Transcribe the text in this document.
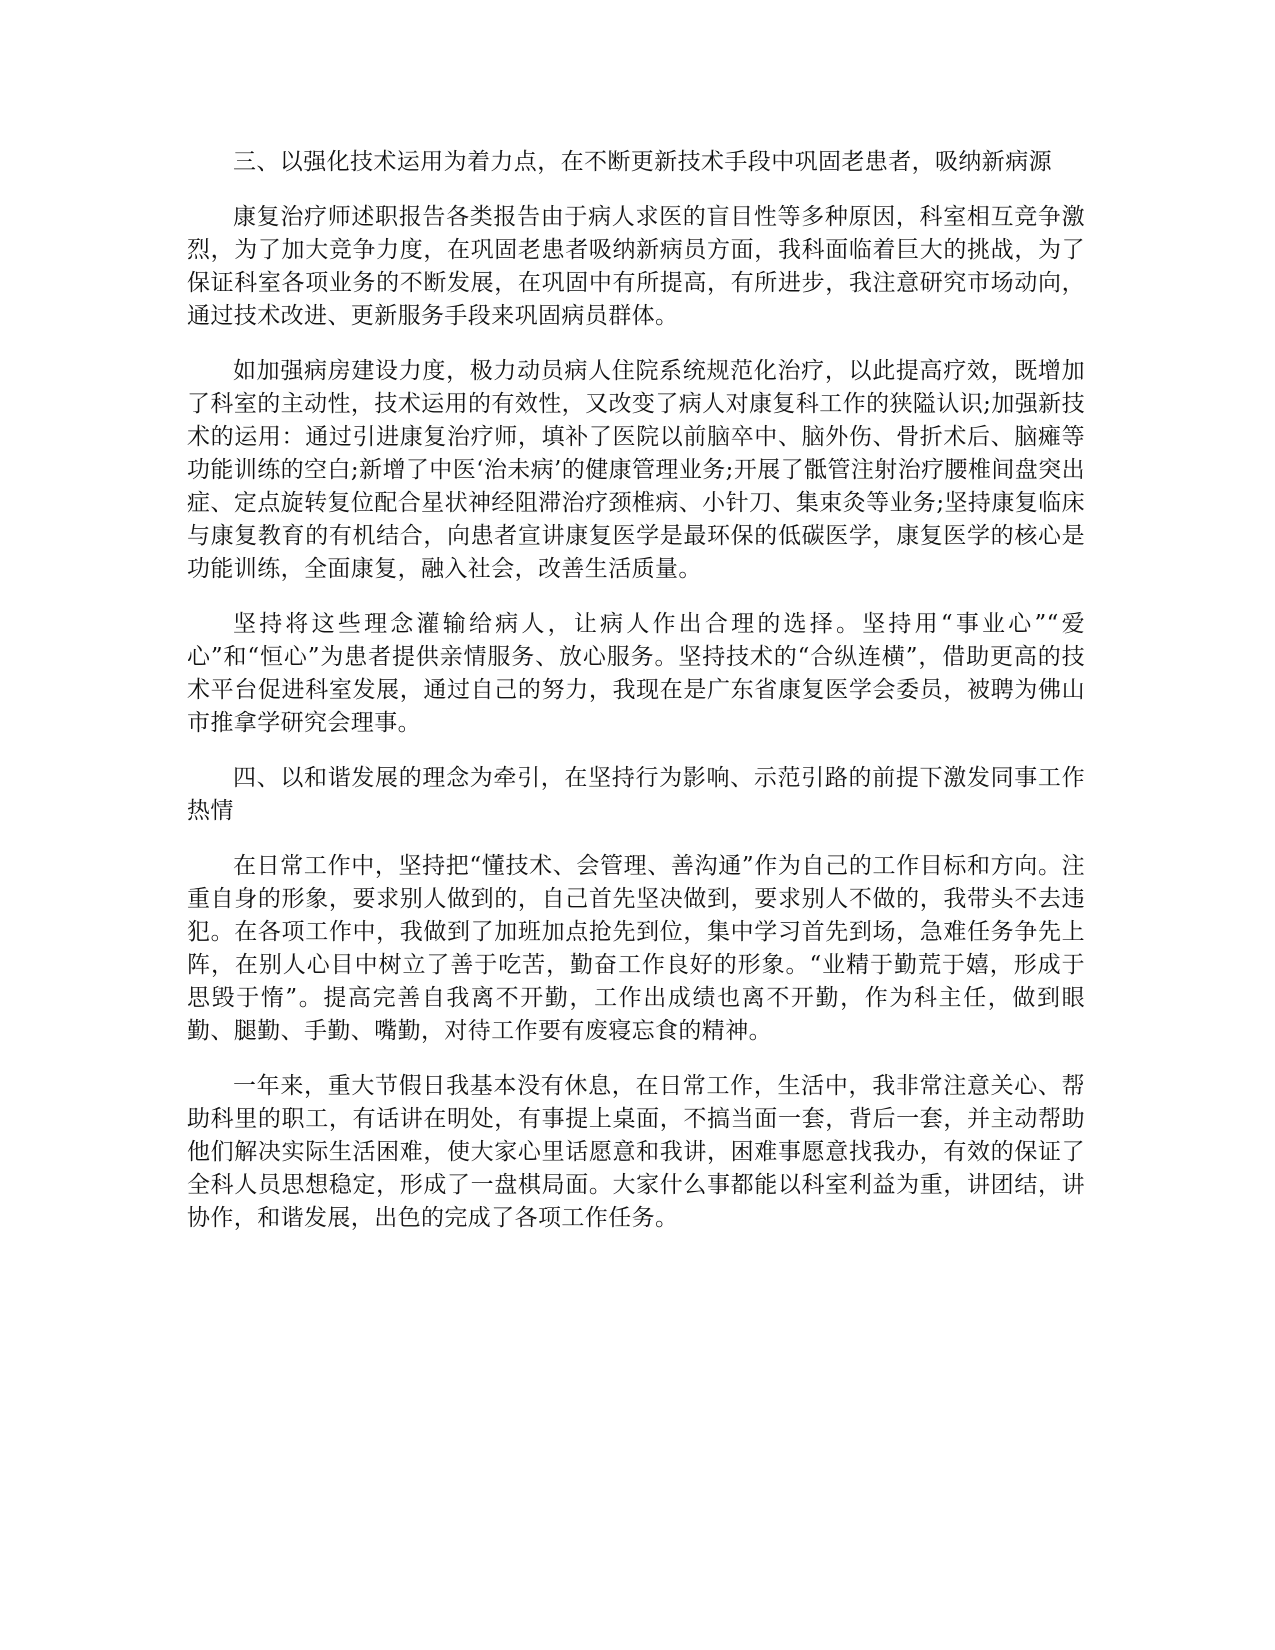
三、以强化技术运用为着力点，在不断更新技术手段中巩固老患者，吸纳新病源

康复治疗师述职报告各类报告由于病人求医的盲目性等多种原因，科室相互竞争激烈，为了加大竞争力度，在巩固老患者吸纳新病员方面，我科面临着巨大的挑战，为了保证科室各项业务的不断发展，在巩固中有所提高，有所进步，我注意研究市场动向，通过技术改进、更新服务手段来巩固病员群体。

如加强病房建设力度，极力动员病人住院系统规范化治疗，以此提高疗效，既增加了科室的主动性，技术运用的有效性，又改变了病人对康复科工作的狭隘认识;加强新技术的运用：通过引进康复治疗师，填补了医院以前脑卒中、脑外伤、骨折术后、脑瘫等功能训练的空白;新增了中医‘治未病’的健康管理业务;开展了骶管注射治疗腰椎间盘突出症、定点旋转复位配合星状神经阻滞治疗颈椎病、小针刀、集束灸等业务;坚持康复临床与康复教育的有机结合，向患者宣讲康复医学是最环保的低碳医学，康复医学的核心是功能训练，全面康复，融入社会，改善生活质量。

坚持将这些理念灌输给病人，让病人作出合理的选择。坚持用“事业心”“爱心”和“恒心”为患者提供亲情服务、放心服务。坚持技术的“合纵连横”，借助更高的技术平台促进科室发展，通过自己的努力，我现在是广东省康复医学会委员，被聘为佛山市推拿学研究会理事。

四、以和谐发展的理念为牵引，在坚持行为影响、示范引路的前提下激发同事工作热情

在日常工作中，坚持把“懂技术、会管理、善沟通”作为自己的工作目标和方向。注重自身的形象，要求别人做到的，自己首先坚决做到，要求别人不做的，我带头不去违犯。在各项工作中，我做到了加班加点抢先到位，集中学习首先到场，急难任务争先上阵，在别人心目中树立了善于吃苦，勤奋工作良好的形象。“业精于勤荒于嬉，形成于思毁于惰”。提高完善自我离不开勤，工作出成绩也离不开勤，作为科主任，做到眼勤、腿勤、手勤、嘴勤，对待工作要有废寝忘食的精神。

一年来，重大节假日我基本没有休息，在日常工作，生活中，我非常注意关心、帮助科里的职工，有话讲在明处，有事提上桌面，不搞当面一套，背后一套，并主动帮助他们解决实际生活困难，使大家心里话愿意和我讲，困难事愿意找我办，有效的保证了全科人员思想稳定，形成了一盘棋局面。大家什么事都能以科室利益为重，讲团结，讲协作，和谐发展，出色的完成了各项工作任务。
